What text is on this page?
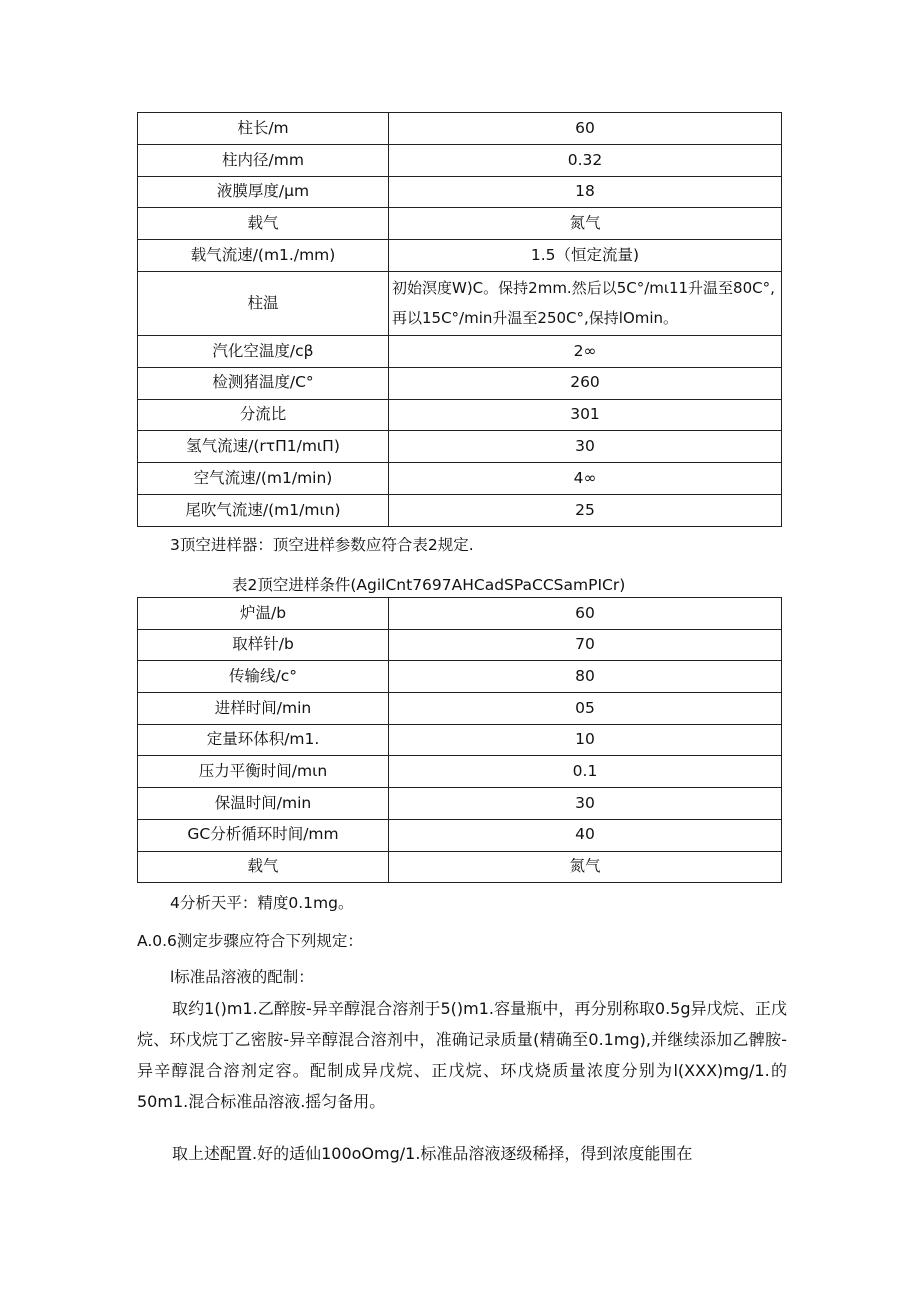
柱长/m	60
柱内径/mm	0.32
液膜厚度/μm	18
载气	氮气
载气流速/(m1./mm)	1.5（恒定流量)
柱温	初始溟度W)C。保持2mm.然后以5C°/mι11升温至80C°,再以15C°/min升温至250C°,保持lOmin。
汽化空温度/cβ	2∞
检测猪温度/C°	260
分流比	301
氢气流速/(rτΠ1/mιΠ)	30
空气流速/(m1/min)	4∞
尾吹气流速/(m1/mιn)	25
3顶空进样器：顶空进样参数应符合表2规定.
表2顶空进样条件(AgilCnt7697AHCadSPaCCSamPICr)
炉温/b	60
取样针/b	70
传输线/c°	80
进样时间/min	05
定量环体积/m1.	10
压力平衡时间/mιn	0.1
保温时间/min	30
GC分析循环时间/mm	40
载气	氮气
4分析天平：精度0.1mg。
A.0.6测定步骤应符合下列规定：
l标准品溶液的配制：
取约1()m1.乙醉胺-异辛醇混合溶剂于5()m1.容量瓶中，再分别称取0.5g异戊烷、正戊烷、环戊烷丁乙密胺-异辛醇混合溶剂中，准确记录质量(精确至0.1mg),并继续添加乙髀胺-异辛醇混合溶剂定容。配制成异戊烷、正戊烷、环戊烧质量浓度分别为l(XXX)mg/1.的50m1.混合标准品溶液.摇匀备用。
取上述配置.好的适仙100oOmg/1.标准品溶液逐级稀择，得到浓度能围在
